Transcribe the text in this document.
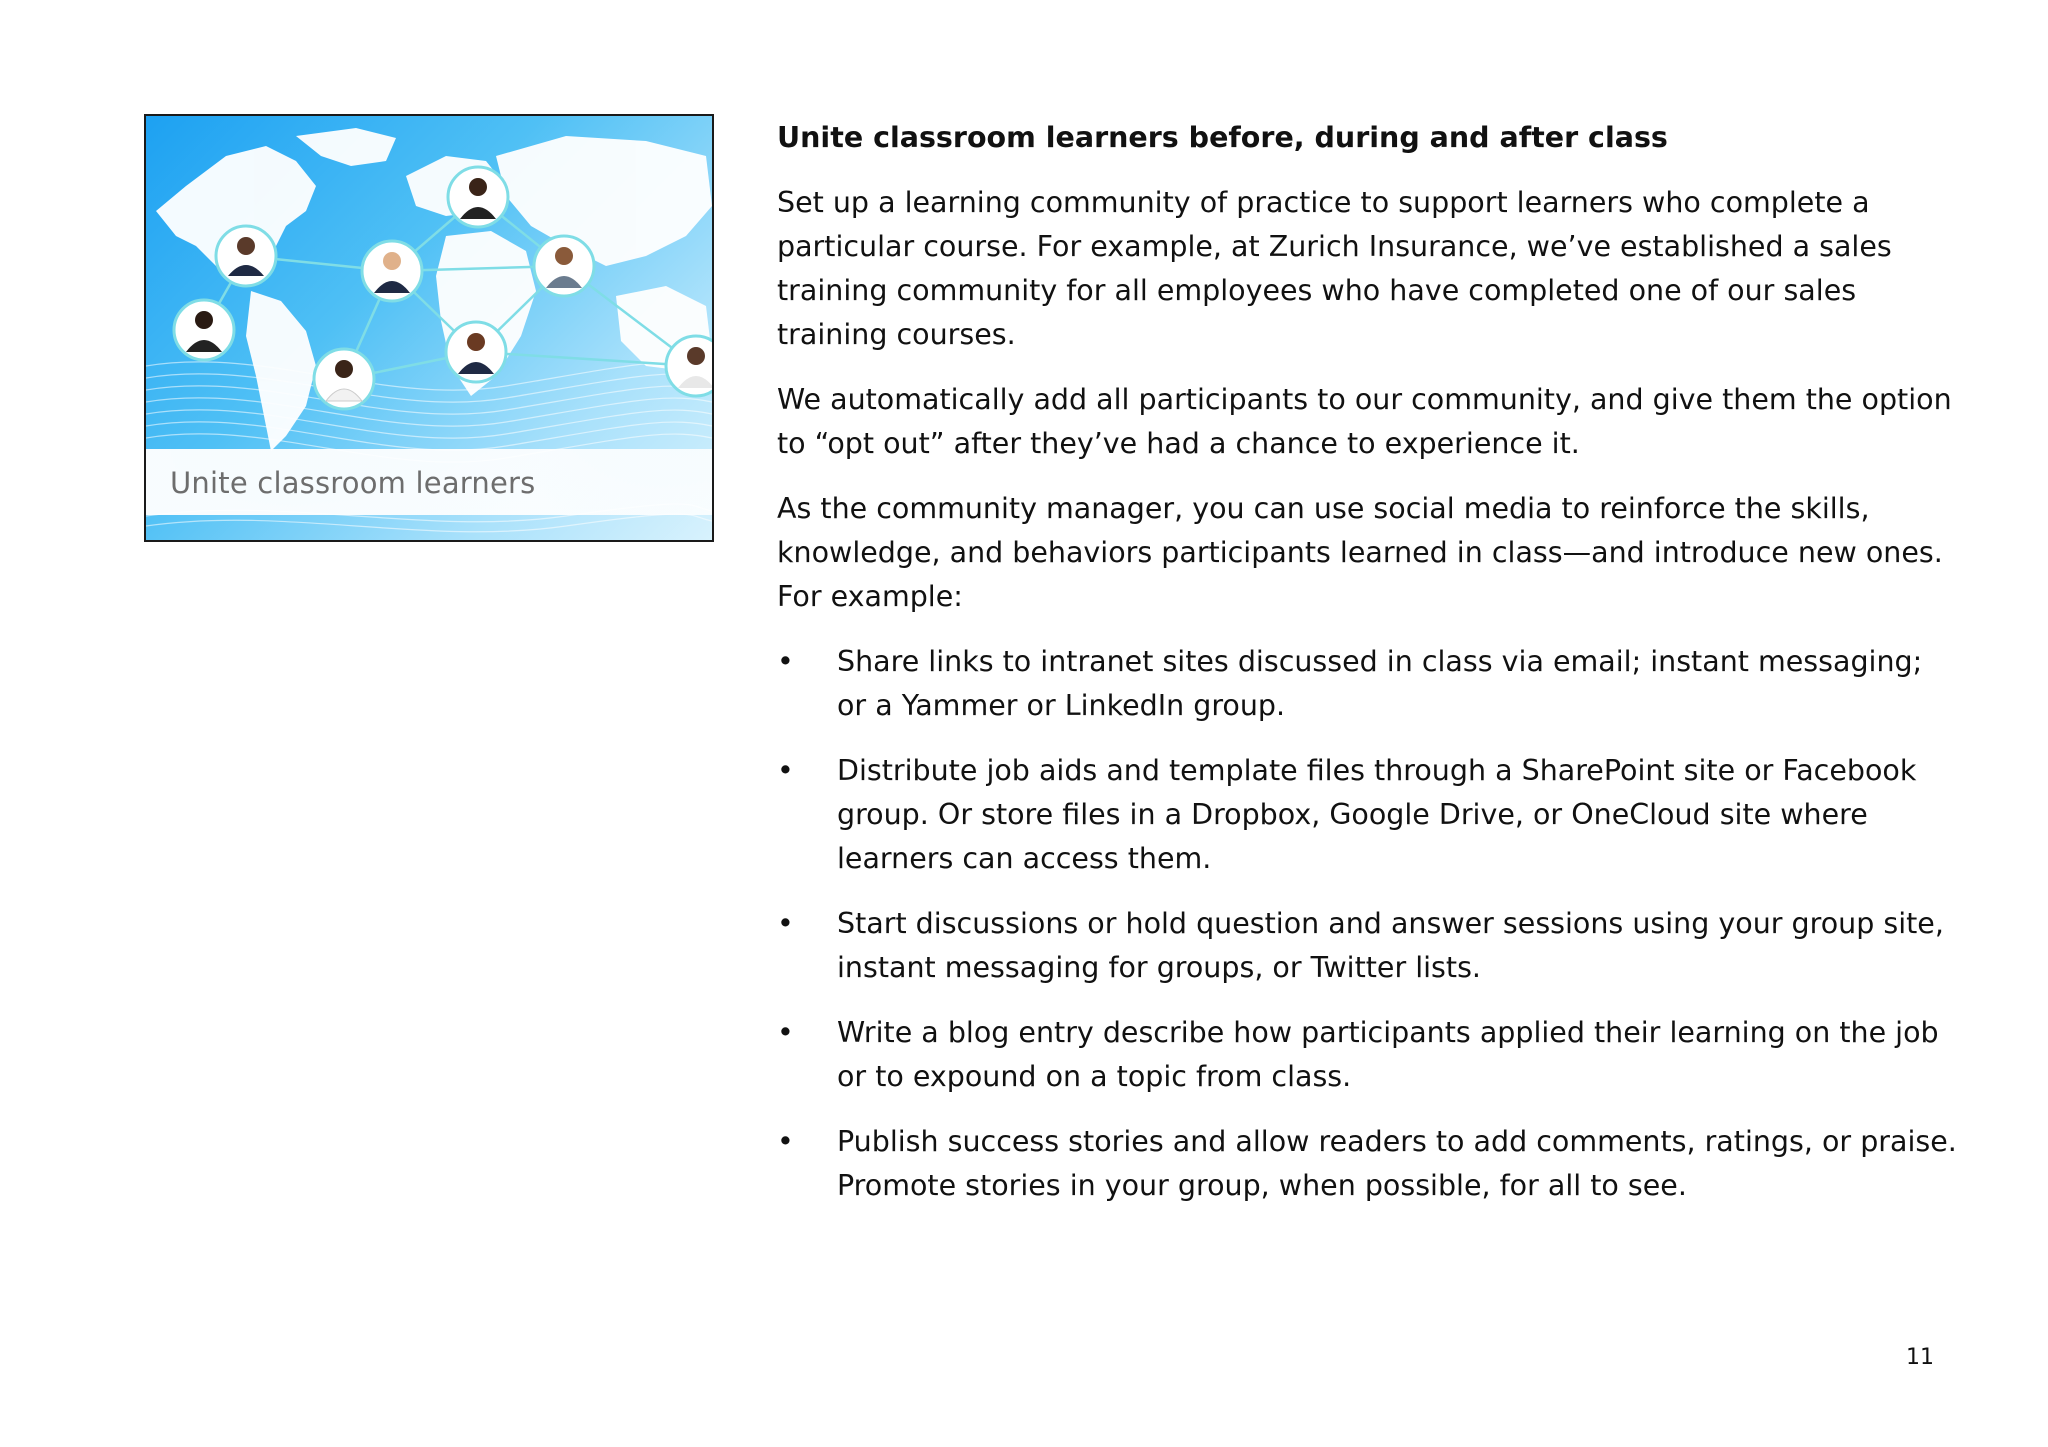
Unite classroom learners
Unite classroom learners before, during and after class

Set up a learning community of practice to support learners who complete a particular course. For example, at Zurich Insurance, we’ve established a sales training community for all employees who have completed one of our sales training courses.

We automatically add all participants to our community, and give them the option to “opt out” after they’ve had a chance to experience it.

As the community manager, you can use social media to reinforce the skills, knowledge, and behaviors participants learned in class—and introduce new ones. For example:

• Share links to intranet sites discussed in class via email; instant messaging; or a Yammer or LinkedIn group.
• Distribute job aids and template files through a SharePoint site or Facebook group. Or store files in a Dropbox, Google Drive, or OneCloud site where learners can access them.
• Start discussions or hold question and answer sessions using your group site, instant messaging for groups, or Twitter lists.
• Write a blog entry describe how participants applied their learning on the job or to expound on a topic from class.
• Publish success stories and allow readers to add comments, ratings, or praise. Promote stories in your group, when possible, for all to see.
11
